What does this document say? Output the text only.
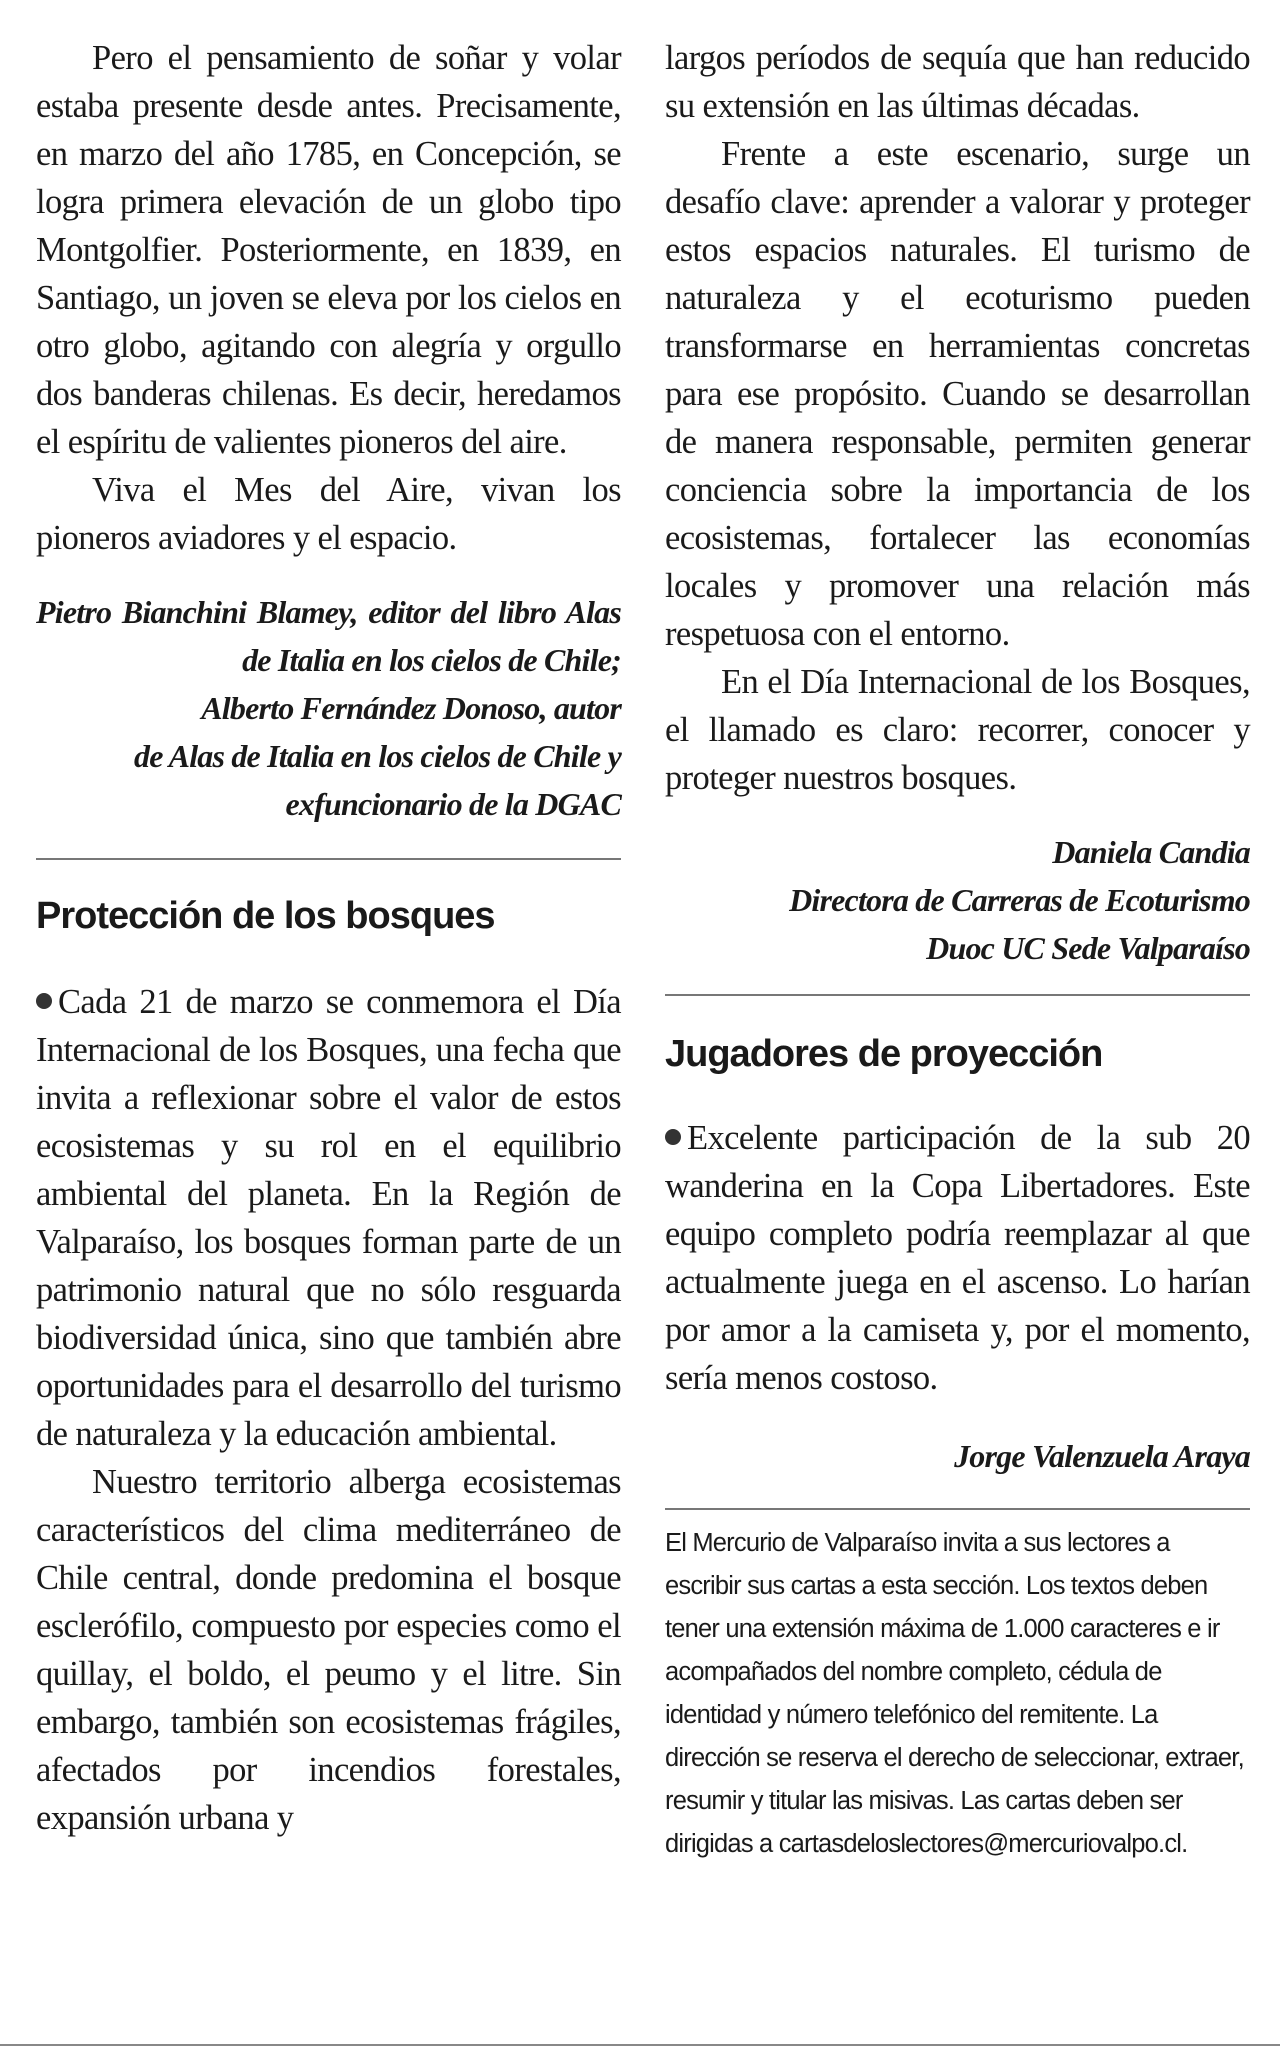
Pero el pensamiento de soñar y volar estaba presente desde antes. Precisamente, en marzo del año 1785, en Concepción, se logra primera elevación de un globo tipo Montgolfier. Posteriormente, en 1839, en Santiago, un joven se eleva por los cielos en otro globo, agitando con alegría y orgullo dos banderas chilenas. Es decir, heredamos el espíritu de valientes pioneros del aire.

Viva el Mes del Aire, vivan los pioneros aviadores y el espacio.

Pietro Bianchini Blamey, editor del libro Alas de Italia en los cielos de Chile;
Alberto Fernández Donoso, autor
de Alas de Italia en los cielos de Chile y
exfuncionario de la DGAC
Protección de los bosques

Cada 21 de marzo se conmemora el Día Internacional de los Bosques, una fecha que invita a reflexionar sobre el valor de estos ecosistemas y su rol en el equilibrio ambiental del planeta. En la Región de Valparaíso, los bosques forman parte de un patrimonio natural que no sólo resguarda biodiversidad única, sino que también abre oportunidades para el desarrollo del turismo de naturaleza y la educación ambiental.

Nuestro territorio alberga ecosistemas característicos del clima mediterráneo de Chile central, donde predomina el bosque esclerófilo, compuesto por especies como el quillay, el boldo, el peumo y el litre. Sin embargo, también son ecosistemas frágiles, afectados por incendios forestales, expansión urbana y

largos períodos de sequía que han reducido su extensión en las últimas décadas.

Frente a este escenario, surge un desafío clave: aprender a valorar y proteger estos espacios naturales. El turismo de naturaleza y el ecoturismo pueden transformarse en herramientas concretas para ese propósito. Cuando se desarrollan de manera responsable, permiten generar conciencia sobre la importancia de los ecosistemas, fortalecer las economías locales y promover una relación más respetuosa con el entorno.

En el Día Internacional de los Bosques, el llamado es claro: recorrer, conocer y proteger nuestros bosques.

Daniela Candia
Directora de Carreras de Ecoturismo
Duoc UC Sede Valparaíso
Jugadores de proyección

Excelente participación de la sub 20 wanderina en la Copa Libertadores. Este equipo completo podría reemplazar al que actualmente juega en el ascenso. Lo harían por amor a la camiseta y, por el momento, sería menos costoso.

Jorge Valenzuela Araya

El Mercurio de Valparaíso invita a sus lectores a escribir sus cartas a esta sección. Los textos deben tener una extensión máxima de 1.000 caracteres e ir acompañados del nombre completo, cédula de identidad y número telefónico del remitente. La dirección se reserva el derecho de seleccionar, extraer, resumir y titular las misivas. Las cartas deben ser dirigidas a cartasdeloslectores@mercuriovalpo.cl.
